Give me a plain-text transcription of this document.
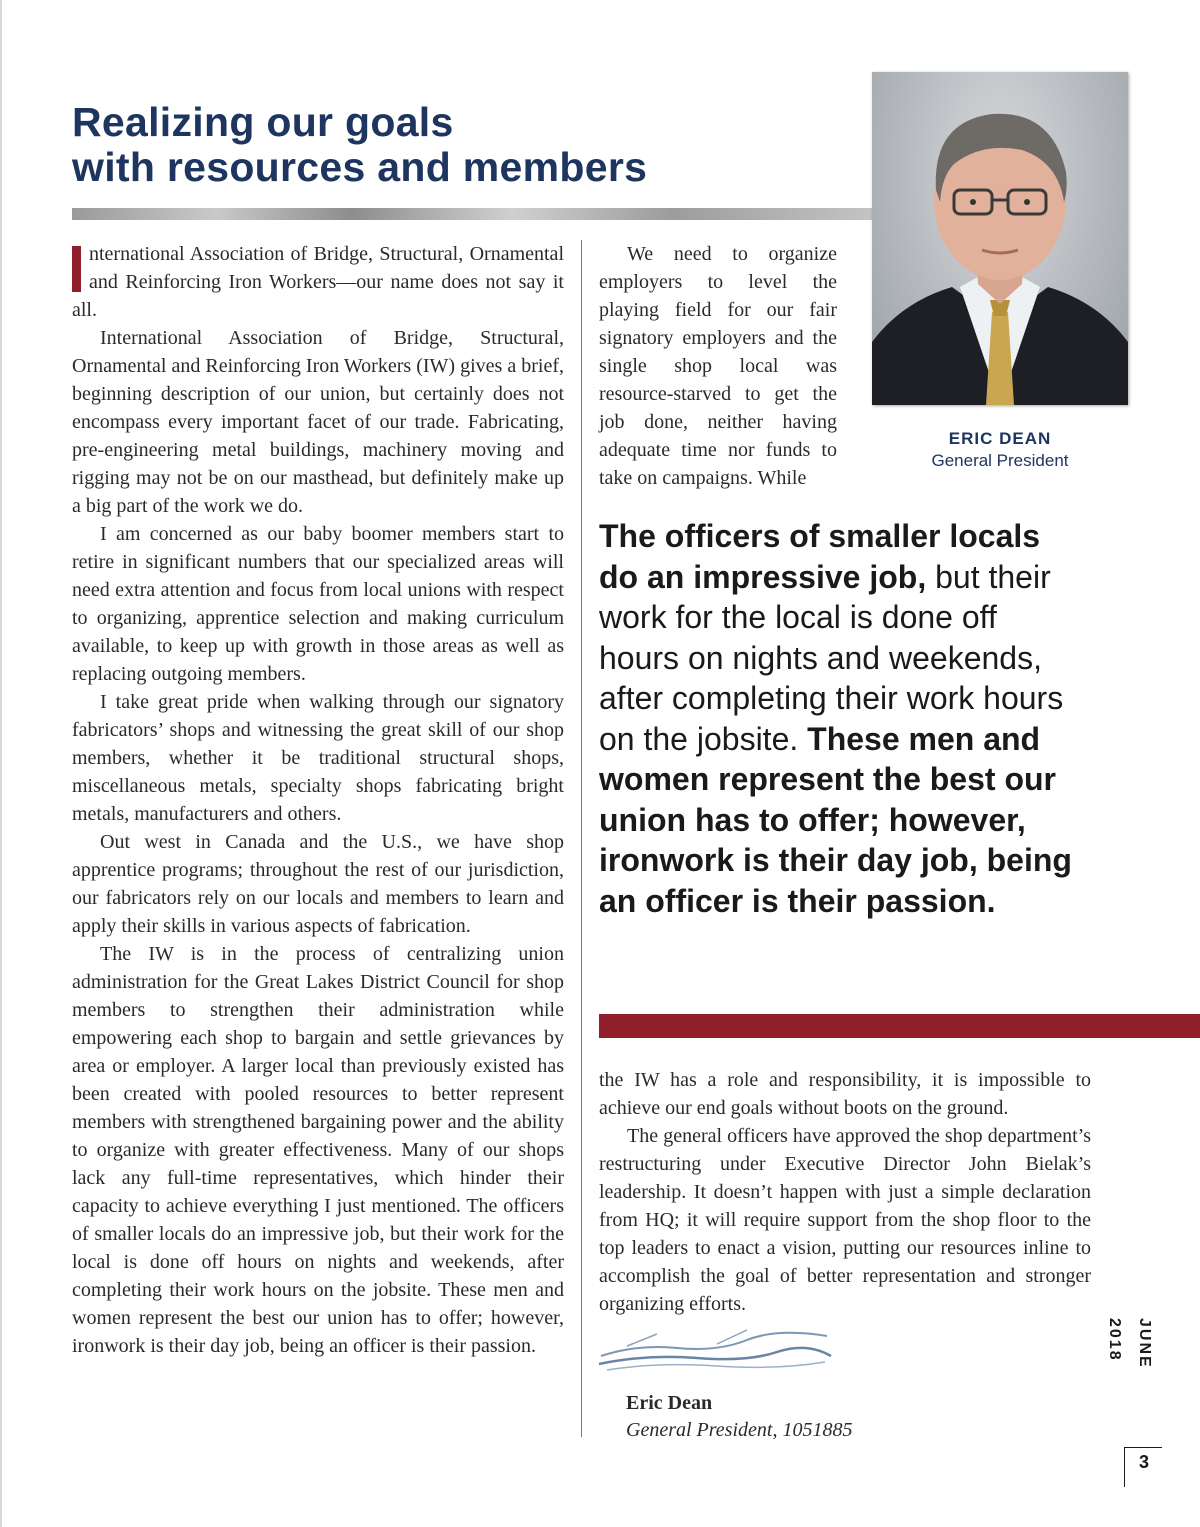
Realizing our goals
with resources and members
ERIC DEAN
General President

nternational Association of Bridge, Structural, Ornamental and Reinforcing Iron Workers—our name does not say it all.

International Association of Bridge, Structural, Ornamental and Reinforcing Iron Workers (IW) gives a brief, beginning description of our union, but certainly does not encompass every important facet of our trade. Fabricating, pre-engineering metal buildings, machinery moving and rigging may not be on our masthead, but definitely make up a big part of the work we do.

I am concerned as our baby boomer members start to retire in significant numbers that our specialized areas will need extra attention and focus from local unions with respect to organizing, apprentice selection and making curriculum available, to keep up with growth in those areas as well as replacing outgoing members.

I take great pride when walking through our signatory fabricators’ shops and witnessing the great skill of our shop members, whether it be traditional structural shops, miscellaneous metals, specialty shops fabricating bright metals, manufacturers and others.

Out west in Canada and the U.S., we have shop apprentice programs; throughout the rest of our jurisdiction, our fabricators rely on our locals and members to learn and apply their skills in various aspects of fabrication.

The IW is in the process of centralizing union administration for the Great Lakes District Council for shop members to strengthen their administration while empowering each shop to bargain and settle grievances by area or employer. A larger local than previously existed has been created with pooled resources to better represent members with strengthened bargaining power and the ability to organize with greater effectiveness. Many of our shops lack any full-time representatives, which hinder their capacity to achieve everything I just mentioned. The officers of smaller locals do an impressive job, but their work for the local is done off hours on nights and weekends, after completing their work hours on the jobsite. These men and women represent the best our union has to offer; however, ironwork is their day job, being an officer is their passion.

We need to organize employers to level the playing field for our fair signatory employers and the single shop local was resource-starved to get the job done, neither having adequate time nor funds to take on campaigns. While

The officers of smaller locals do an impressive job, but their work for the local is done off hours on nights and weekends, after completing their work hours on the jobsite. These men and women represent the best our union has to offer; however, ironwork is their day job, being an officer is their passion.

the IW has a role and responsibility, it is impossible to achieve our end goals without boots on the ground.

The general officers have approved the shop department’s restructuring under Executive Director John Bielak’s leadership. It doesn’t happen with just a simple declaration from HQ; it will require support from the shop floor to the top leaders to enact a vision, putting our resources inline to accomplish the goal of better representation and stronger organizing efforts.

Eric Dean
General President, 1051885
JUNE 2018
3
